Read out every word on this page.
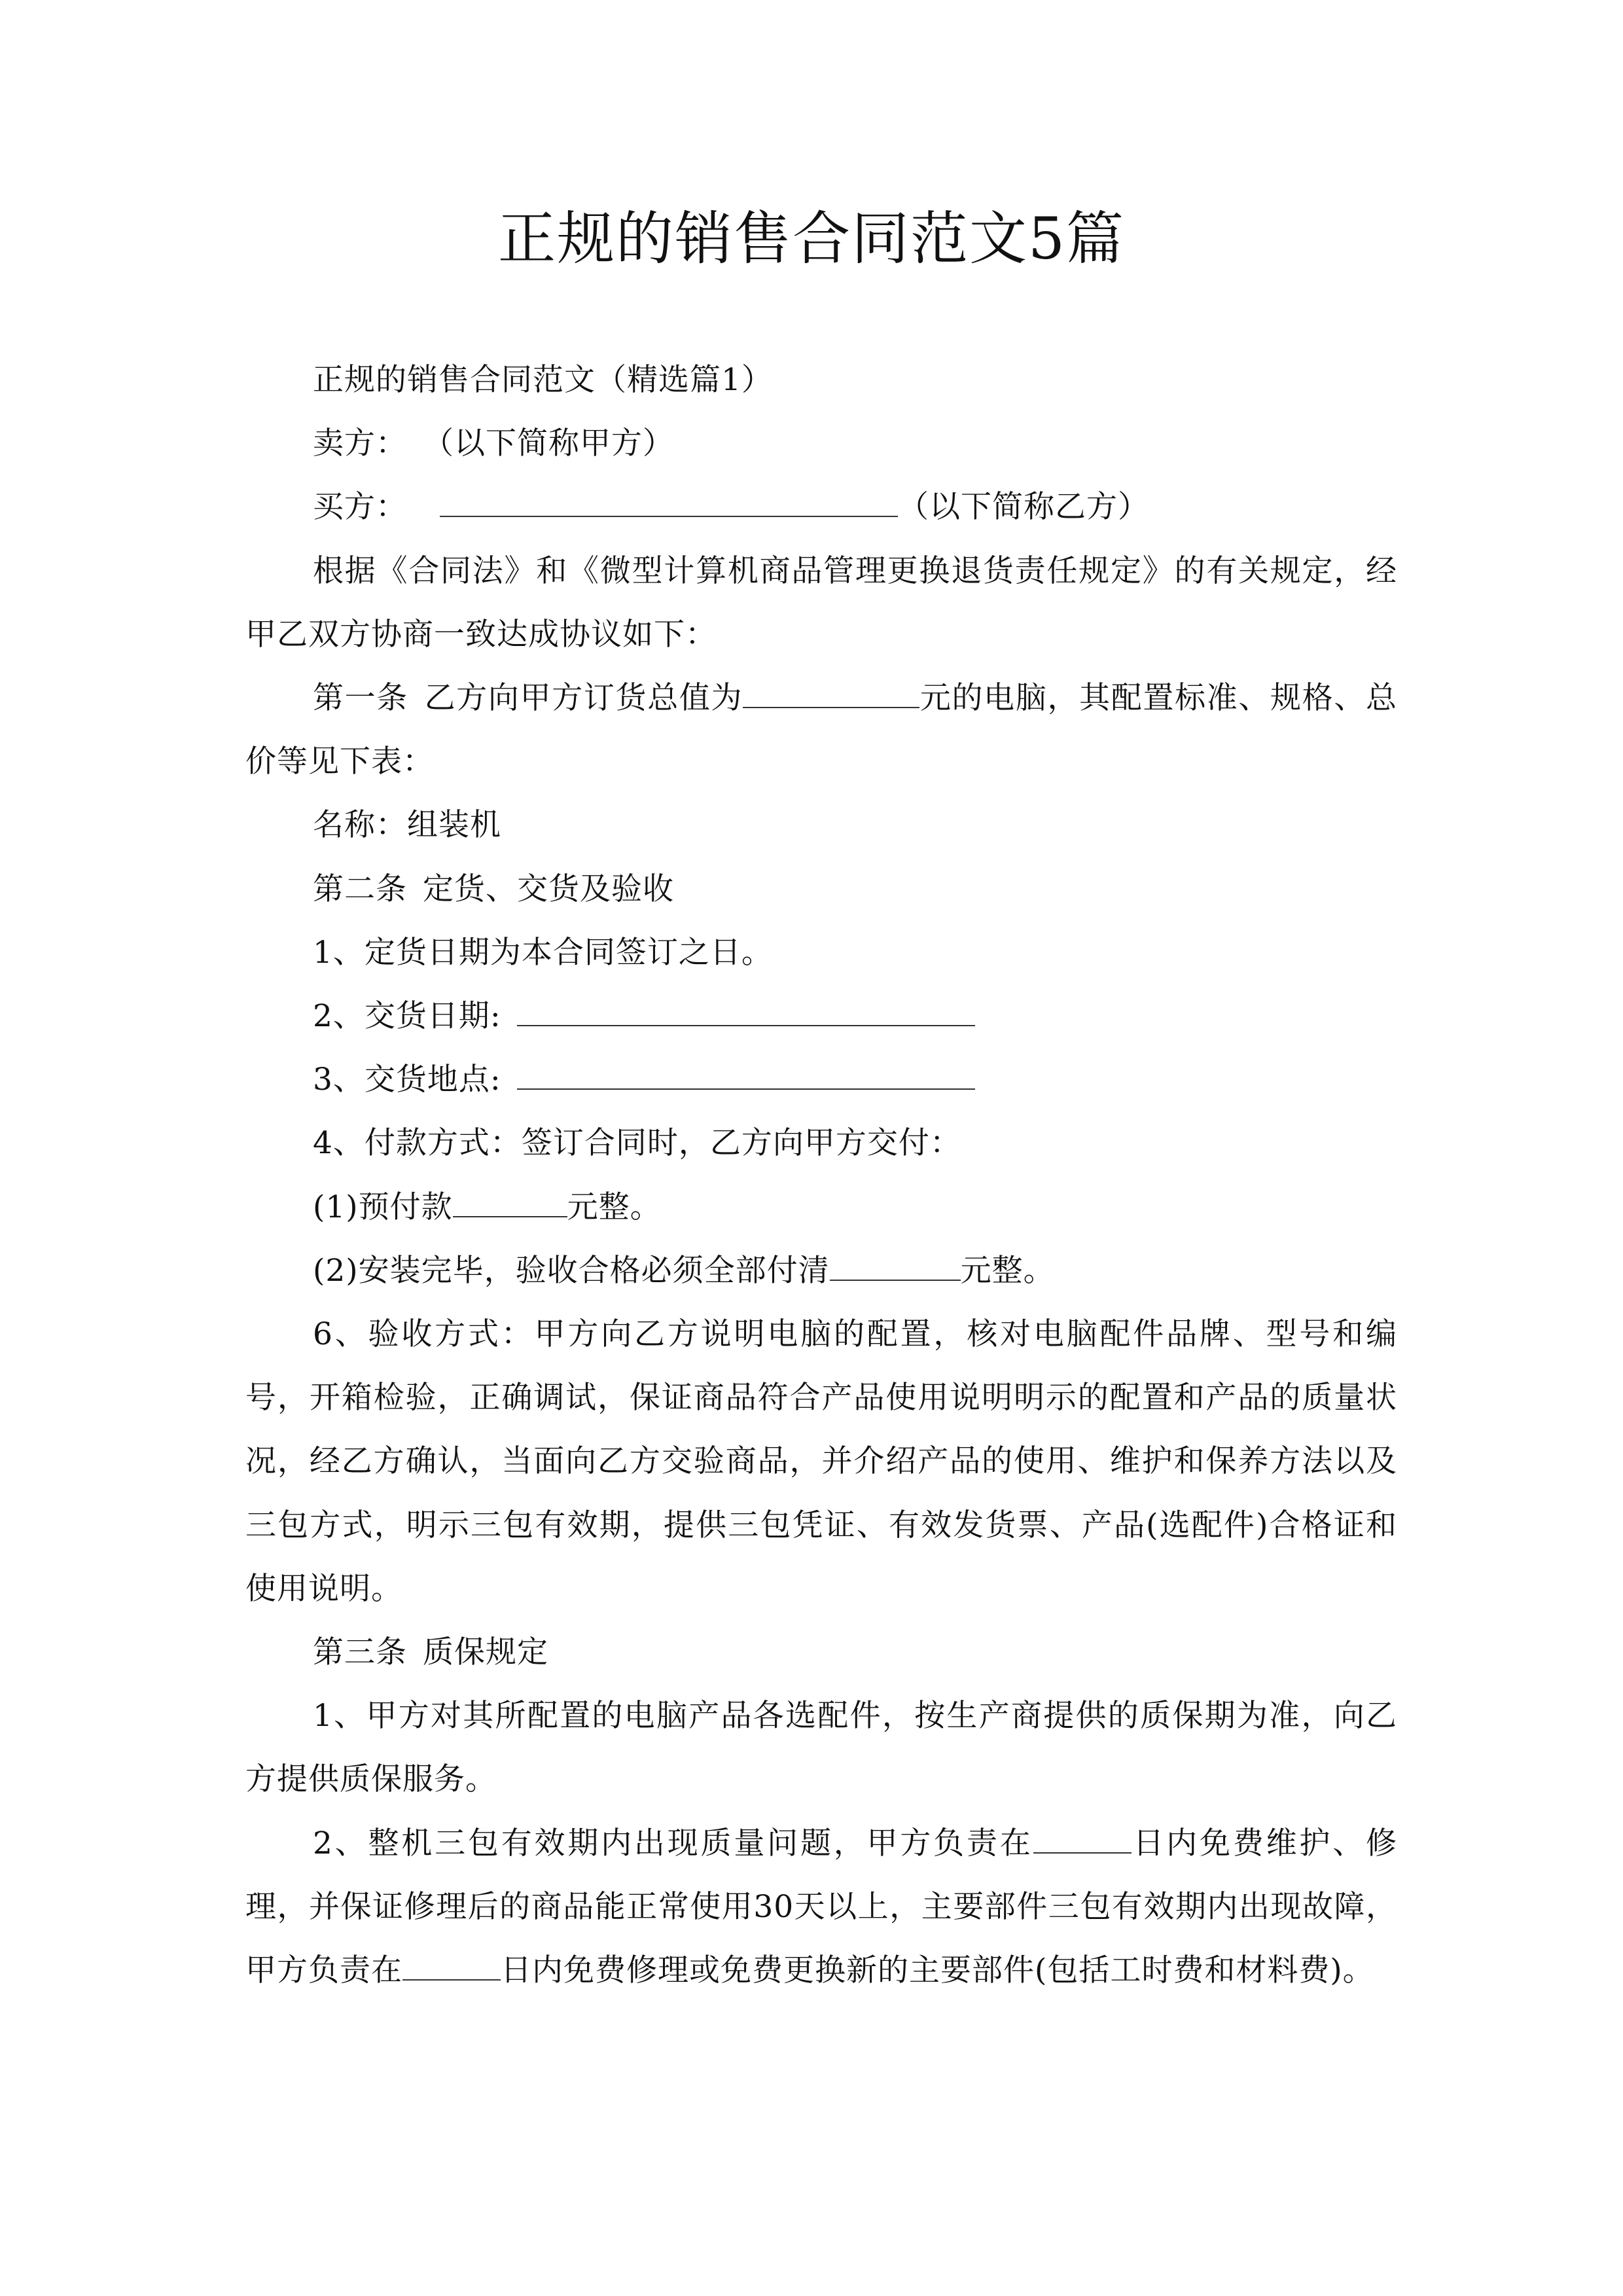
正规的销售合同范文5篇

正规的销售合同范文（精选篇1）

卖方： （以下简称甲方）

买方：	（以下简称乙方）

根据《合同法》和《微型计算机商品管理更换退货责任规定》的有关规定，经甲乙双方协商一致达成协议如下：

第一条 乙方向甲方订货总值为	元的电脑，其配置标准、规格、总价等见下表：

名称：组装机

第二条 定货、交货及验收

1、定货日期为本合同签订之日。

2、交货日期:

3、交货地点:

4、付款方式：签订合同时，乙方向甲方交付：

(1)预付款	元整。

(2)安装完毕，验收合格必须全部付清	元整。

6、验收方式：甲方向乙方说明电脑的配置，核对电脑配件品牌、型号和编号，开箱检验，正确调试，保证商品符合产品使用说明明示的配置和产品的质量状况，经乙方确认，当面向乙方交验商品，并介绍产品的使用、维护和保养方法以及三包方式，明示三包有效期，提供三包凭证、有效发货票、产品(选配件)合格证和使用说明。

第三条 质保规定

1、甲方对其所配置的电脑产品各选配件，按生产商提供的质保期为准，向乙方提供质保服务。

2、整机三包有效期内出现质量问题，甲方负责在	日内免费维护、修理，并保证修理后的商品能正常使用30天以上，主要部件三包有效期内出现故障，甲方负责在	日内免费修理或免费更换新的主要部件(包括工时费和材料费)。
